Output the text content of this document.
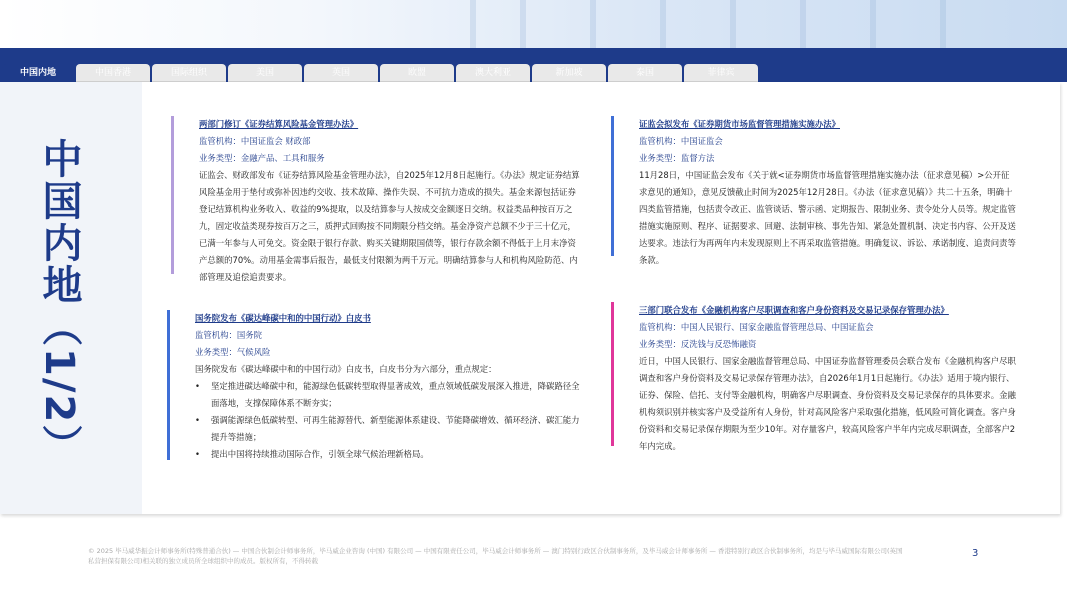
中国内地	中国香港	国际组织	美国	英国	欧盟	澳大利亚	新加坡	泰国	菲律宾
中国内地（1/2）
两部门修订《证券结算风险基金管理办法》
监管机构：中国证监会 财政部
业务类型：金融产品、工具和服务

证监会、财政部发布《证券结算风险基金管理办法》，自2025年12月8日起施行。《办法》规定证券结算风险基金用于垫付或弥补因违约交收、技术故障、操作失误、不可抗力造成的损失。基金来源包括证券登记结算机构业务收入、收益的9%提取，以及结算参与人按成交金额逐日交纳。权益类品种按百万之九，固定收益类现券按百万之三，质押式回购按不同期限分档交纳。基金净资产总额不少于三十亿元，已满一年参与人可免交。资金限于银行存款、购买关键期限国债等，银行存款余额不得低于上月末净资产总额的70%。动用基金需事后报告，最低支付限额为两千万元。明确结算参与人和机构风险防范、内部管理及追偿追责要求。

证监会拟发布《证券期货市场监督管理措施实施办法》
监管机构：中国证监会
业务类型：监督方法

11月28日，中国证监会发布《关于就<证券期货市场监督管理措施实施办法（征求意见稿）>公开征求意见的通知》，意见反馈截止时间为2025年12月28日。《办法（征求意见稿）》共二十五条，明确十四类监管措施，包括责令改正、监管谈话、警示函、定期报告、限制业务、责令处分人员等。规定监管措施实施原则、程序、证据要求、回避、法制审核、事先告知、紧急处置机制、决定书内容、公开及送达要求。违法行为再两年内未发现原则上不再采取监管措施。明确复议、诉讼、承诺制度、追责问责等条款。

国务院发布《碳达峰碳中和的中国行动》白皮书
监管机构：国务院
业务类型：气候风险

国务院发布《碳达峰碳中和的中国行动》白皮书，白皮书分为六部分，重点规定：

• 坚定推进碳达峰碳中和，能源绿色低碳转型取得显著成效，重点领域低碳发展深入推进，降碳路径全面落地，支撑保障体系不断夯实；
• 强调能源绿色低碳转型、可再生能源替代、新型能源体系建设、节能降碳增效、循环经济、碳汇能力提升等措施；
• 提出中国将持续推动国际合作，引领全球气候治理新格局。
三部门联合发布《金融机构客户尽职调查和客户身份资料及交易记录保存管理办法》
监管机构：中国人民银行、国家金融监督管理总局、中国证监会
业务类型：反洗钱与反恐怖融资

近日，中国人民银行、国家金融监督管理总局、中国证券监督管理委员会联合发布《金融机构客户尽职调查和客户身份资料及交易记录保存管理办法》，自2026年1月1日起施行。《办法》适用于境内银行、证券、保险、信托、支付等金融机构，明确客户尽职调查、身份资料及交易记录保存的具体要求。金融机构须识别并核实客户及受益所有人身份，针对高风险客户采取强化措施，低风险可简化调查。客户身份资料和交易记录保存期限为至少10年。对存量客户，较高风险客户半年内完成尽职调查，全部客户2年内完成。

© 2025 毕马威华振会计师事务所(特殊普通合伙) — 中国合伙制会计师事务所，毕马威企业咨询 (中国) 有限公司 — 中国有限责任公司，毕马威会计师事务所 — 澳门特别行政区合伙制事务所，及毕马威会计师事务所 — 香港特别行政区合伙制事务所，均是与毕马威国际有限公司(英国私营担保有限公司)相关联的独立成员所全球组织中的成员。版权所有，不得转载
3
